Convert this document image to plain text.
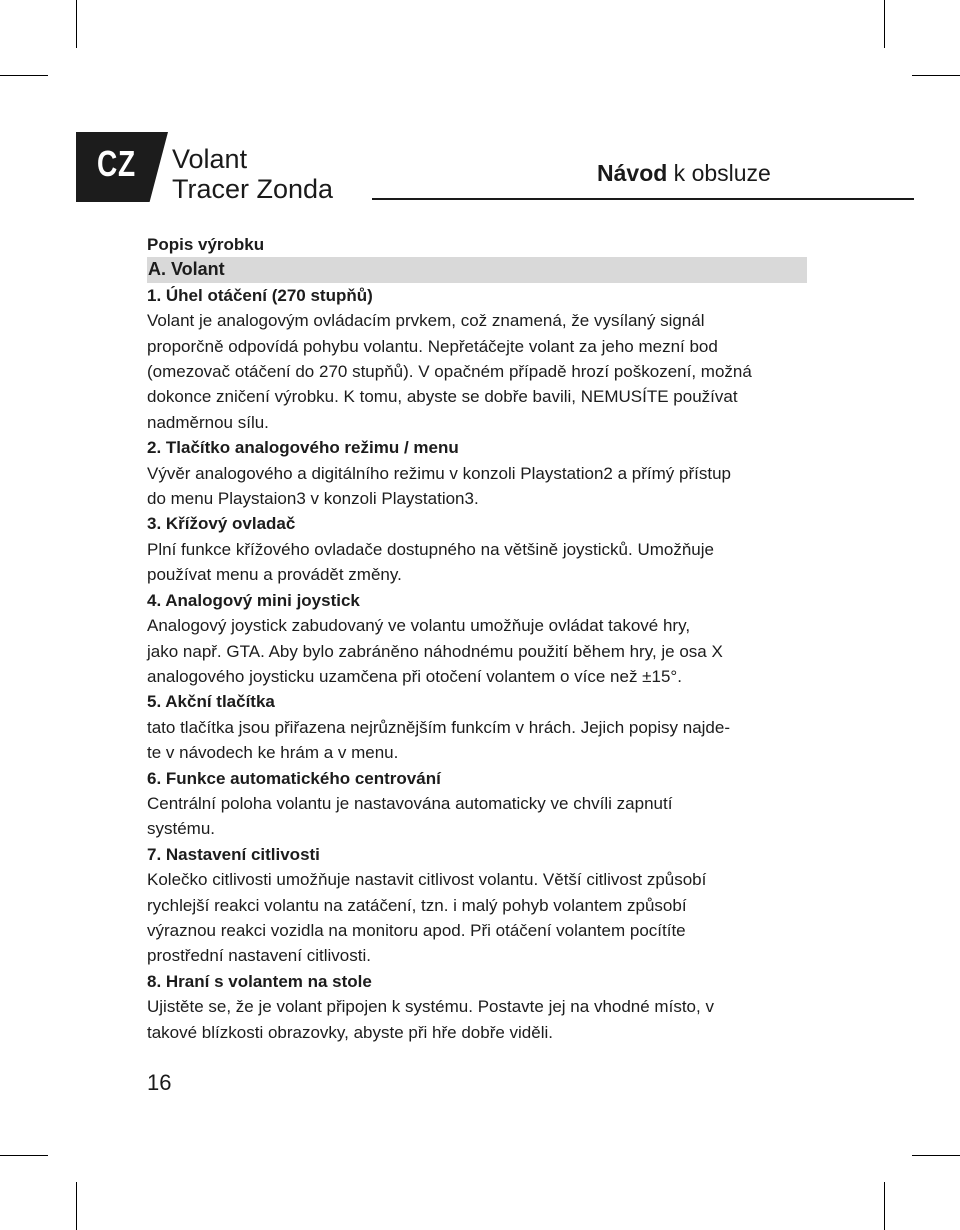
CZ Volant
Tracer Zonda
Návod k obsluze

Popis výrobku

A. Volant

1. Úhel otáčení (270 stupňů)

Volant je analogovým ovládacím prvkem, což znamená, že vysílaný signál

proporčně odpovídá pohybu volantu. Nepřetáčejte volant za jeho mezní bod

(omezovač otáčení do 270 stupňů). V opačném případě hrozí poškození, možná

dokonce zničení výrobku. K tomu, abyste se dobře bavili, NEMUSÍTE používat

nadměrnou sílu.

2. Tlačítko analogového režimu / menu

Vývěr analogového a digitálního režimu v konzoli Playstation2 a přímý přístup

do menu Playstaion3 v konzoli Playstation3.

3. Křížový ovladač

Plní funkce křížového ovladače dostupného na většině joysticků. Umožňuje

používat menu a provádět změny.

4. Analogový mini joystick

Analogový joystick zabudovaný ve volantu umožňuje ovládat takové hry,

jako např. GTA. Aby bylo zabráněno náhodnému použití během hry, je osa X

analogového joysticku uzamčena při otočení volantem o více než ±15°.

5. Akční tlačítka

tato tlačítka jsou přiřazena nejrůznějším funkcím v hrách. Jejich popisy najde-

te v návodech ke hrám a v menu.

6. Funkce automatického centrování

Centrální poloha volantu je nastavována automaticky ve chvíli zapnutí

systému.

7. Nastavení citlivosti

Kolečko citlivosti umožňuje nastavit citlivost volantu. Větší citlivost způsobí

rychlejší reakci volantu na zatáčení, tzn. i malý pohyb volantem způsobí

výraznou reakci vozidla na monitoru apod. Při otáčení volantem pocítíte

prostřední nastavení citlivosti.

8. Hraní s volantem na stole

Ujistěte se, že je volant připojen k systému. Postavte jej na vhodné místo, v

takové blízkosti obrazovky, abyste při hře dobře viděli.

16
